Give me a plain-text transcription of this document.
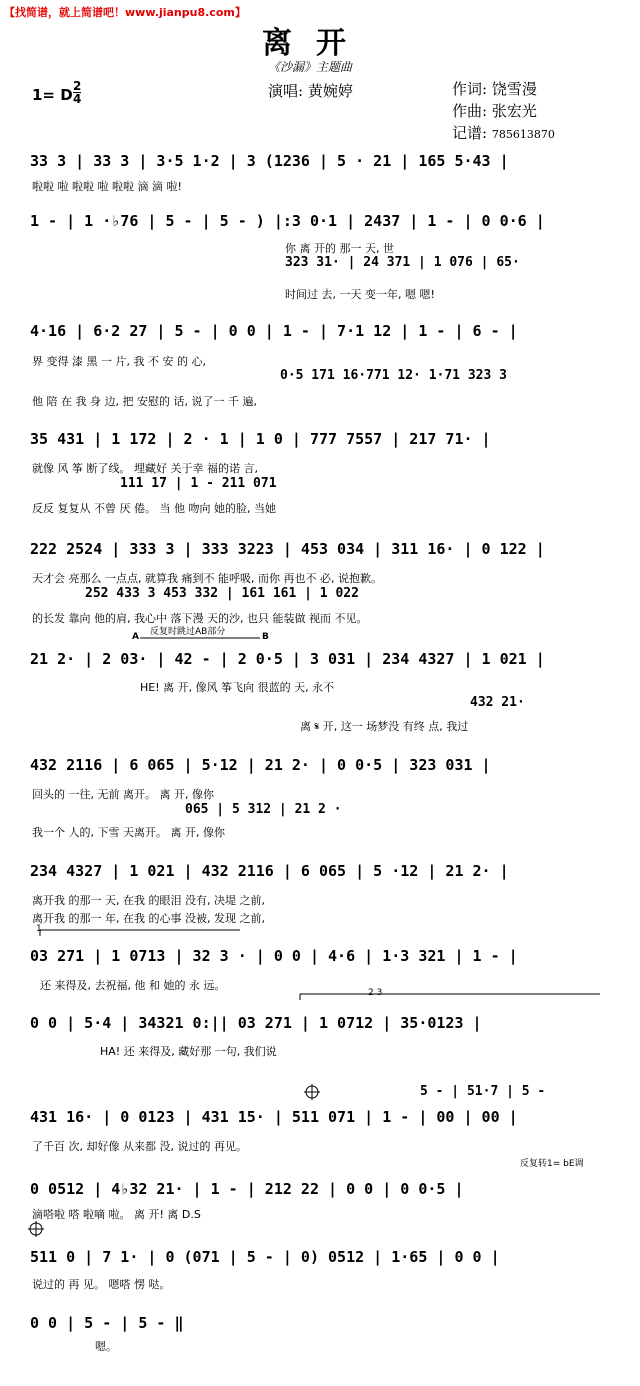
【找简谱，就上简谱吧！www.jianpu8.com】
离开
《沙漏》主题曲
1= D 2
4	演唱: 黄婉婷	作词: 饶雪漫
作曲: 张宏光
记谱: 785613870
33 3 | 33 3 | 3·5 1·2 | 3 (1236 | 5 · 21 | 165 5·43 |
啦啦 啦 啦啦 啦 啦啦 滴 滴 啦!
1 - | 1 ·♭76 | 5 - | 5 - ) |:3 0·1 | 2437 | 1 - | 0 0·6 |
你 离 开的 那一 天, 世
323 31· | 24 371 | 1 076 | 65·
时间过 去, 一天 变一年, 嗯 嗯!
4·16 | 6·2 27 | 5 - | 0 0 | 1 - | 7·1 12 | 1 - | 6 - |
界 变得 漆 黑 一 片, 我 不 安 的 心,
0·5 171 16·771 12· 1·71 323 3
他 陪 在 我 身 边, 把 安慰的 话, 说了一 千 遍,
35 431 | 1 172 | 2 · 1 | 1 0 | 777 7557 | 217 71· |
就像 风 筝 断了线。 埋藏好 关于幸 福的诺 言,
111 17 | 1 - 211 071
反反 复复从 不曾 厌 倦。 当 他 吻向 她的脸, 当她
222 2524 | 333 3 | 333 3223 | 453 034 | 311 16· | 0 122 |
天才会 亮那么 一点点, 就算我 痛到不 能呼吸, 而你 再也不 必, 说抱歉。
252 433 3 453 332 | 161 161 | 1 022
的长发 靠向 他的肩, 我心中 落下漫 天的沙, 也只 能装做 视而 不见。
21 2· | 2 03· | 42 - | 2 0·5 | 3 031 | 234 4327 | 1 021 |
HE! 离 开, 像风 筝飞向 很蓝的 天, 永不
432 21·
离 𝄋 开, 这一 场梦没 有终 点, 我过
432 2116 | 6 065 | 5·12 | 21 2· | 0 0·5 | 323 031 |
回头的 一往, 无前 离开。 离 开, 像你
065 | 5 312 | 21 2 ·
我一个 人的, 下雪 天离开。 离 开, 像你
234 4327 | 1 021 | 432 2116 | 6 065 | 5 ·12 | 21 2· |
离开我 的那一 天, 在我 的眼泪 没有, 决堤 之前,
离开我 的那一 年, 在我 的心事 没被, 发现 之前,
03 271 | 1 0713 | 32 3 · | 0 0 | 4·6 | 1·3 321 | 1 - |
还 来得及, 去祝福, 他 和 她的 永 远。
0 0 | 5·4 | 34321 0:|| 03 271 | 1 0712 | 35·0123 |
HA! 还 来得及, 藏好那 一句, 我们说
431 16· | 0 0123 | 431 15· | 511 071 | 1 - | 00 | 00 |
5 - | 51·7 | 5 -
了千百 次, 却好像 从来都 没, 说过的 再见。
0 0512 | 4♭32 21· | 1 - | 212 22 | 0 0 | 0 0·5 |
滴嗒啦 嗒 啦嘀 啦。 离 开! 离 D.S
511 0 | 7 1· | 0 (071 | 5 - | 0) 0512 | 1·65 | 0 0 |
说过的 再 见。 嗯嗒 愣 哒。
0 0 | 5 - | 5 - ‖
嗯。
反复时跳过AB部分
A	B
反复转1= bE调
1
2 3
